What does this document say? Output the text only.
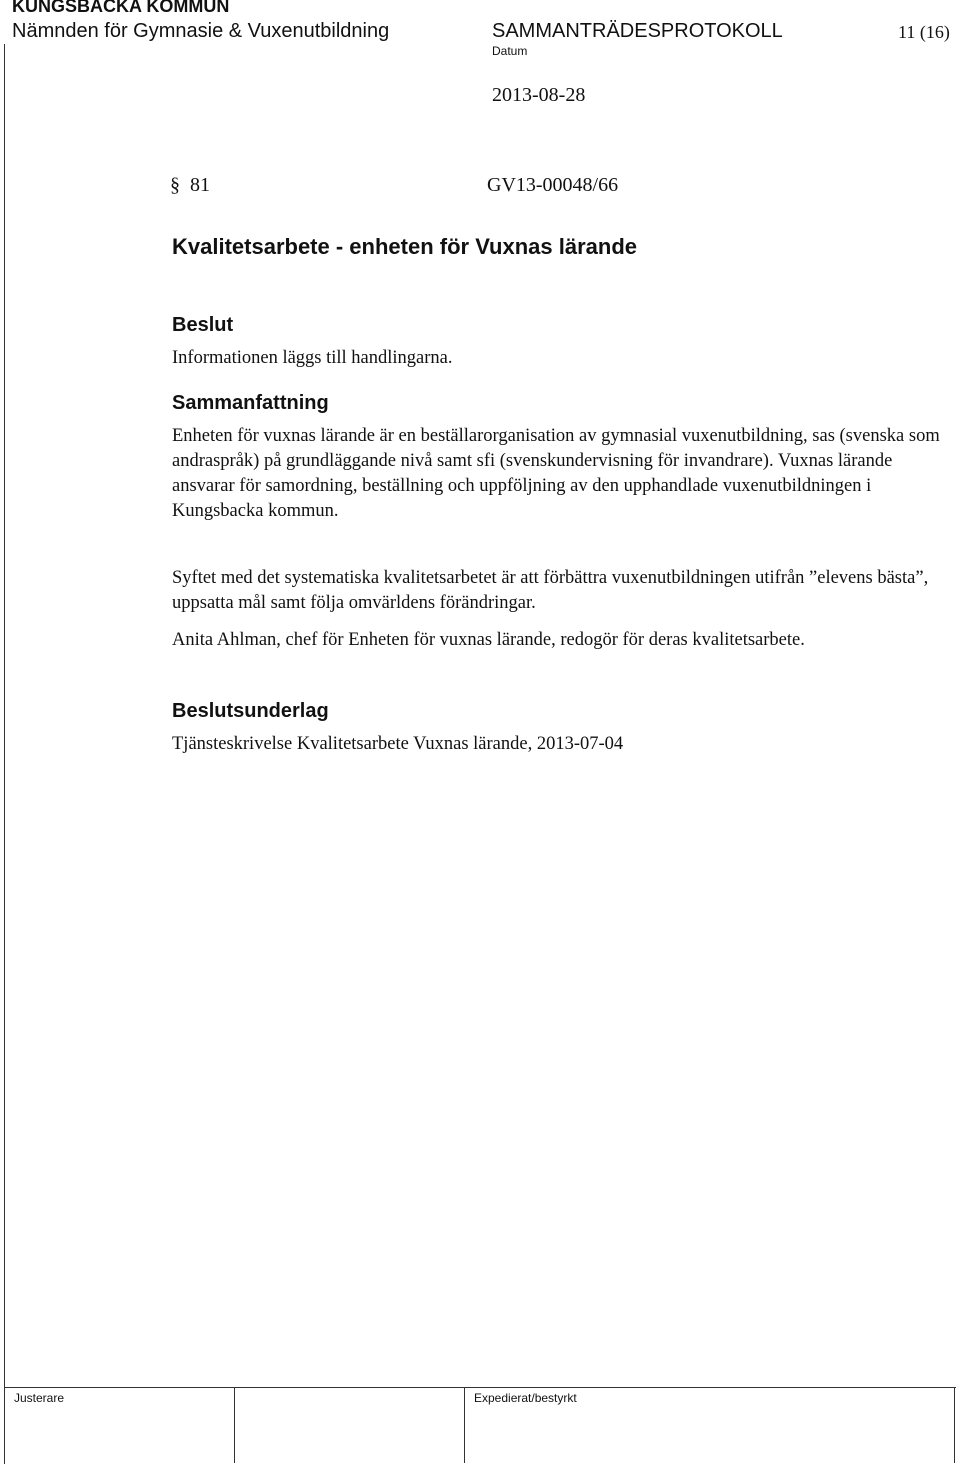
KUNGSBACKA KOMMUN
Nämnden för Gymnasie & Vuxenutbildning	SAMMANTRÄDESPROTOKOLL	11 (16)
Datum
2013-08-28
§ 81	GV13-00048/66
Kvalitetsarbete - enheten för Vuxnas lärande
Beslut
Informationen läggs till handlingarna.
Sammanfattning
Enheten för vuxnas lärande är en beställarorganisation av gymnasial vuxenutbildning, sas (svenska som andraspråk) på grundläggande nivå samt sfi (svenskundervisning för invandrare). Vuxnas lärande ansvarar för samordning, beställning och uppföljning av den upphandlade vuxenutbildningen i Kungsbacka kommun.
Syftet med det systematiska kvalitetsarbetet är att förbättra vuxenutbildningen utifrån ”elevens bästa”, uppsatta mål samt följa omvärldens förändringar.
Anita Ahlman, chef för Enheten för vuxnas lärande, redogör för deras kvalitetsarbete.
Beslutsunderlag
Tjänsteskrivelse Kvalitetsarbete Vuxnas lärande, 2013-07-04
Justerare	Expedierat/bestyrkt
